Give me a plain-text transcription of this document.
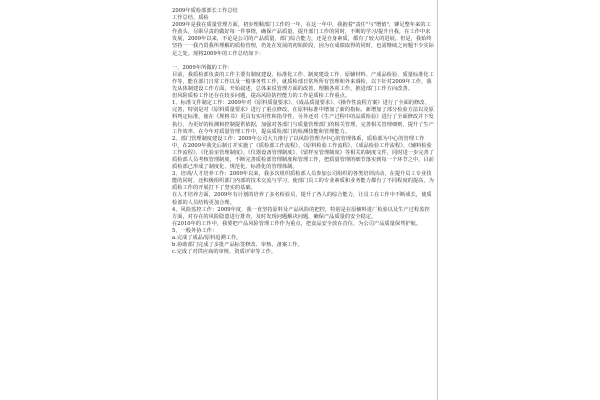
2009年质检部部长工作总结

工作总结、质检

2009年是我在质量管理方面，初步理顺部门工作的一年，在这一年中，我抱着"责任"与"增值"，铆足整年来的工作劲头，尽职尽责的做好每一件事情，确保产品质量，提升部门工作的同时，不断的学习/提升自我，在工作中求发展，2009年以来，不论是公司的产品质量，部门综合能力，还是自身素质，都有了较大的进展。但是，我始终坚持一一我乃贯我所理解的质检管理，仍处在发展的初始阶段，因为在成绩取得的同时，也需继续之问题不少实际足之处。现将2009年的工作总结如下：

一、2009年所做的工作：

目前，我质检部负责的工作主要有制度建设、标准化工作、制度建设工作、原辅材料、产成品检验、质量标准化工作等，能在部门日常工作以及一般事务性工作，就质检部日常所所有管理和外来调检，以下针对2009年工作，我先从体制建设工作方面，开始叙述，总体来说管理方面的改善，理顺各项工作，推进部门工作方向改善。

但风险质检工作还存在较多问题，提高风险防控能力的工作是质检工作重点。

1、标准文件制定工作：2009年对《原料质量要求》、《成品质量要求》、《操作性流程方案》进行了全面的修改、完善，特别是对《原料质量要求》进行了重点修改，在原料标准中增加了新的指标，新增加了部分检验方法以及原料判定标准，使在《规格书》更具有实用性和指导性，另外还对《生产过程中的品质检验》进行了全面修改并下发执行，为更好的检测和控制提供依据，加强对各部门与质量管理部门的相关管理，完善相关管理细则，提升了生产工作效率。在今年对质量管理工作中，提高质检部门的检测技能和管理能力。

2、部门管理制度建设工作：2009年公司大力推行了以风险管理为中心的管理体系，质检部为中心的管理工作中，在2009年我先后制订并实施了《质检部工作流程》、《原料检验工作流程》、《成品检验工作流程》、《辅料检验工作流程》、《化验室管理制度》、《仪器设备管理制度》、《留样室管理制度》等相关的制度文件，同时进一步完善了质检部人员考核管理制度，不断完善质检部管理制度和管理工作，把质量管理的细节落实到每一个环节之中，目前质检部已形成了制度化、规范化、标准化的管理体制。

3、培训/人才培养工作：2009年以来，我多次组织质检部人员参加公司组织的各类培训活动，在提升员工专业技能的同时，还积极组织部门内部的技术交流与学习，使部门员工的专业素质和业务能力都有了不同程度的提高，为质检工作的开展打下了坚实的基础。

在人才培养方面，2009年有计划的培养了多名检验员，提升了各人的综合能力，让员工在工作中不断成长，使质检部的人员结构更加合理。

4、风险监控工作：2009年度，我一直坚持原料及产品风险的把控，特别是在原辅料进厂检验以及生产过程监控方面，对存在的风险隐患进行排查，及时发现问题解决问题，确保产品质量的安全稳定。

在2010年的工作中，我要把产品风险管理工作作为重点，把食品安全放在首位，为公司产品质量保驾护航。

5、一般外协工作：

a.完成了成品/原料追溯工作。

b.协助部门完成了多批产品标签修改、审核、备案工作。

c.完成了对供应商的审核、资质评审等工作。
